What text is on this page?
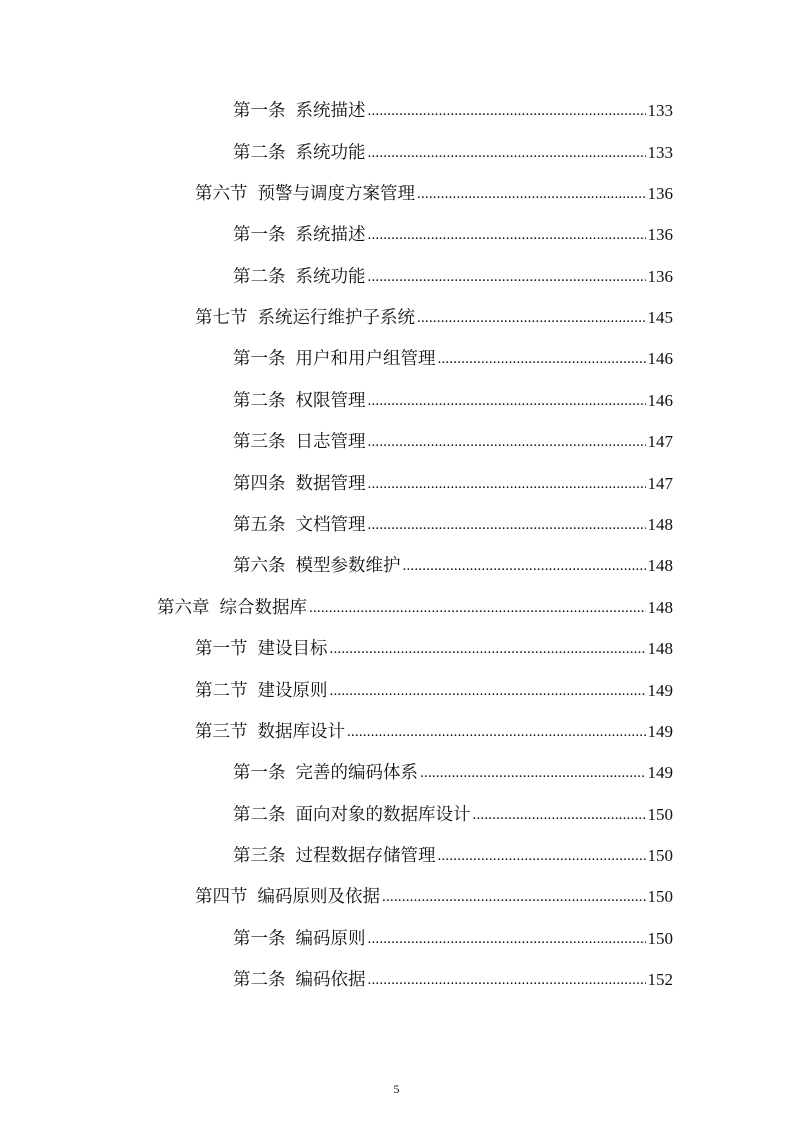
第一条 系统描述 .....	133
第二条 系统功能 .....	133
第六节 预警与调度方案管理 .....	136
第一条 系统描述 .....	136
第二条 系统功能 .....	136
第七节 系统运行维护子系统 .....	145
第一条 用户和用户组管理 .....	146
第二条 权限管理 .....	146
第三条 日志管理 .....	147
第四条 数据管理 .....	147
第五条 文档管理 .....	148
第六条 模型参数维护 .....	148
第六章 综合数据库 .....	148
第一节 建设目标 .....	148
第二节 建设原则 .....	149
第三节 数据库设计 .....	149
第一条 完善的编码体系 .....	149
第二条 面向对象的数据库设计 .....	150
第三条 过程数据存储管理 .....	150
第四节 编码原则及依据 .....	150
第一条 编码原则 .....	150
第二条 编码依据 .....	152
5
